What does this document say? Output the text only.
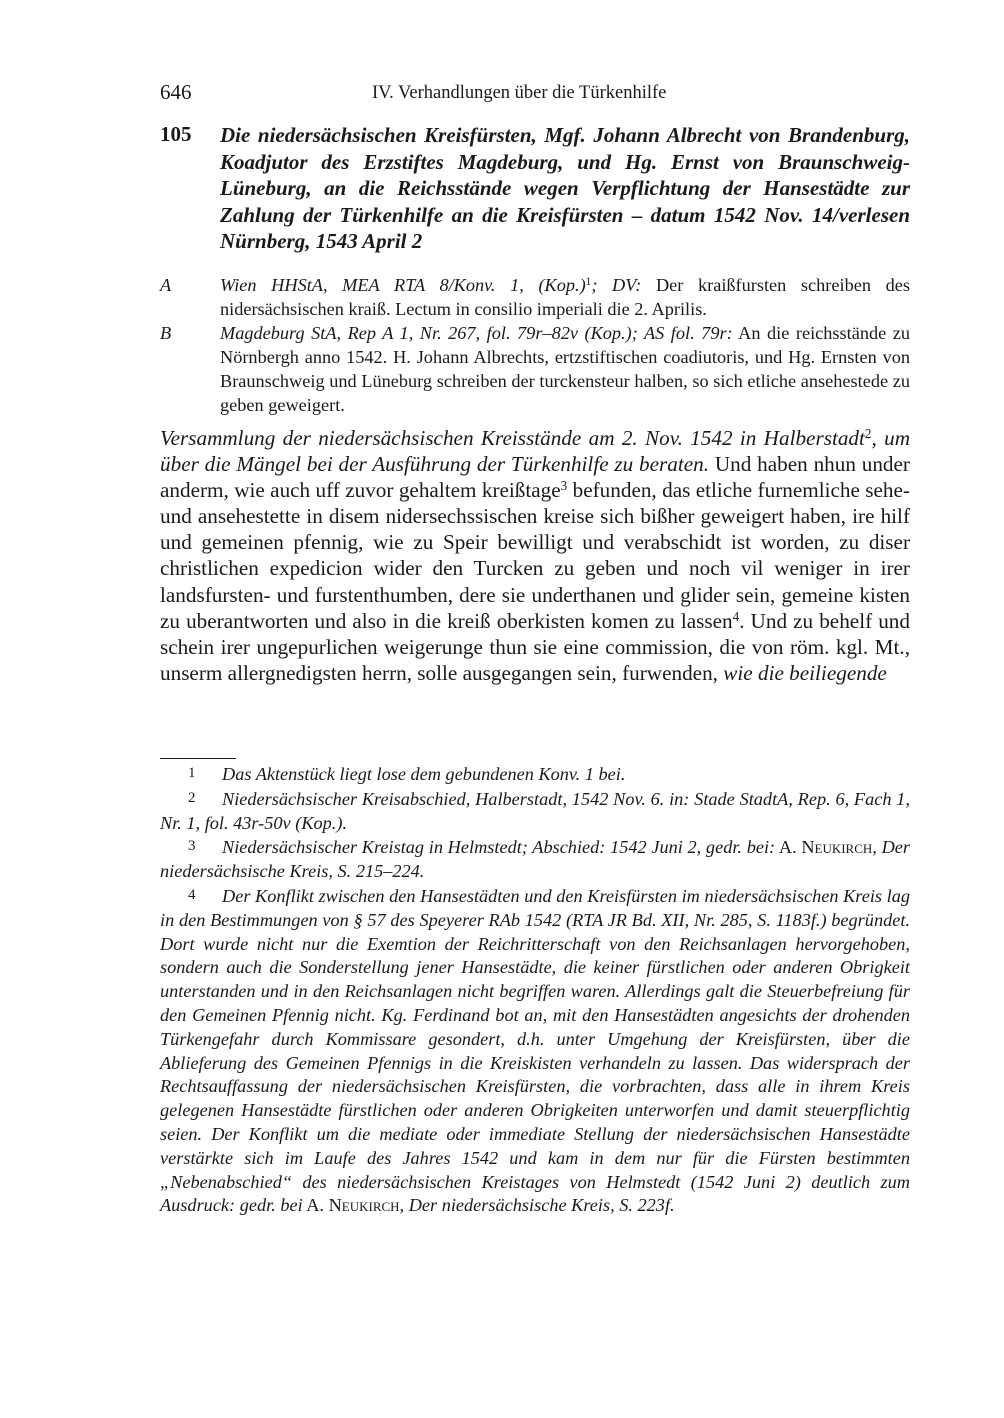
646	IV. Verhandlungen über die Türkenhilfe
105 Die niedersächsischen Kreisfürsten, Mgf. Johann Albrecht von Brandenburg, Koadjutor des Erzstiftes Magdeburg, und Hg. Ernst von Braunschweig-Lüneburg, an die Reichsstände wegen Verpflichtung der Hansestädte zur Zahlung der Türkenhilfe an die Kreisfürsten – datum 1542 Nov. 14/verlesen Nürnberg, 1543 April 2
A	Wien HHStA, MEA RTA 8/Konv. 1, $(Kop.)^1$; DV: Der kraißfursten schreiben des nidersächsischen kraiß. Lectum in consilio imperiali die 2. Aprilis.
B	Magdeburg StA, Rep A 1, Nr. 267, fol. 79r–82v (Kop.); AS fol. 79r: An die reichsstände zu Nörnbergh anno 1542. H. Johann Albrechts, ertzstiftischen coadiutoris, und Hg. Ernsten von Braunschweig und Lüneburg schreiben der turckensteur halben, so sich etliche ansehestede zu geben geweigert.
Versammlung der niedersächsischen Kreisstände am 2. Nov. 1542 in Halberstadt$^2$, um über die Mängel bei der Ausführung der Türkenhilfe zu beraten. Und haben nhun under anderm, wie auch uff zuvor gehaltem kreißtage$^3$ befunden, das etliche furnemliche sehe- und ansehestette in disem nidersechssischen kreise sich bißher geweigert haben, ire hilf und gemeinen pfennig, wie zu Speir bewilligt und verabschidt ist worden, zu diser christlichen expedicion wider den Turcken zu geben und noch vil weniger in irer landsfursten- und furstenthumben, dere sie underthanen und glider sein, gemeine kisten zu uberantworten und also in die kreiß oberkisten komen zu lassen$^4$. Und zu behelf und schein irer ungepurlichen weigerunge thun sie eine commission, die von röm. kgl. Mt., unserm allergnedigsten herrn, solle ausgegangen sein, furwenden, wie die beiliegende
1 Das Aktenstück liegt lose dem gebundenen Konv. 1 bei.
2 Niedersächsischer Kreisabschied, Halberstadt, 1542 Nov. 6. in: Stade StadtA, Rep. 6, Fach 1, Nr. 1, fol. 43r-50v (Kop.).
3 Niedersächsischer Kreistag in Helmstedt; Abschied: 1542 Juni 2, gedr. bei: A. Neukirch, Der niedersächsische Kreis, S. 215–224.
4 Der Konflikt zwischen den Hansestädten und den Kreisfürsten im niedersächsischen Kreis lag in den Bestimmungen von § 57 des Speyerer RAb 1542 (RTA JR Bd. XII, Nr. 285, S. 1183f.) begründet. Dort wurde nicht nur die Exemtion der Reichritterschaft von den Reichsanlagen hervorgehoben, sondern auch die Sonderstellung jener Hansestädte, die keiner fürstlichen oder anderen Obrigkeit unterstanden und in den Reichsanlagen nicht begriffen waren. Allerdings galt die Steuerbefreiung für den Gemeinen Pfennig nicht. Kg. Ferdinand bot an, mit den Hansestädten angesichts der drohenden Türkengefahr durch Kommissare gesondert, d.h. unter Umgehung der Kreisfürsten, über die Ablieferung des Gemeinen Pfennigs in die Kreiskisten verhandeln zu lassen. Das widersprach der Rechtsauffassung der niedersächsischen Kreisfürsten, die vorbrachten, dass alle in ihrem Kreis gelegenen Hansestädte fürstlichen oder anderen Obrigkeiten unterworfen und damit steuerpflichtig seien. Der Konflikt um die mediate oder immediate Stellung der niedersächsischen Hansestädte verstärkte sich im Laufe des Jahres 1542 und kam in dem nur für die Fürsten bestimmten „Nebenabschied“ des niedersächsischen Kreistages von Helmstedt (1542 Juni 2) deutlich zum Ausdruck: gedr. bei A. Neukirch, Der niedersächsische Kreis, S. 223f.
